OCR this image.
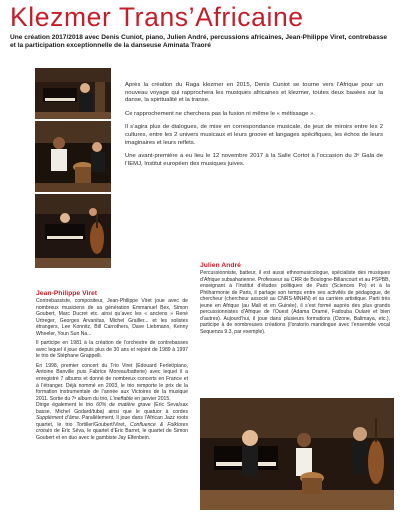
Klezmer Trans’Africaine
Une création 2017/2018 avec Denis Cuniot, piano, Julien André, percussions africaines, Jean-Philippe Viret, contrebasse et la participation exceptionnelle de la danseuse Aminata Traoré

Après la création du Raga klezmer en 2015, Denis Cuniot se tourne vers l’Afrique pour un nouveau voyage qui rapprochera les musiques africaines et klezmer, toutes deux basées sur la danse, la spiritualité et la transe.

Ce rapprochement ne cherchera pas la fusion ni même le « métissage ».

Il s’agira plus de dialogues, de mise en correspondance musicale, de jeux de miroirs entre les 2 cultures, entre les 2 univers musicaux et leurs groove et langages spécifiques, les échos de leurs imaginaires et leurs reflets.

Une avant-première a eu lieu le 12 novembre 2017 à la Salle Cortot à l’occasion du 3ᵉ Gala de l’IEMJ, Institut européen des musiques juives.

Julien André

Percussionniste, batteur, il est aussi ethnomusicologue, spécialiste des musiques d’Afrique subsaharienne. Professeur au CRR de Boulogne-Billancourt et au PSPBB, enseignant à l’Institut d’études politiques de Paris (Sciences Po) et à la Philharmonie de Paris, il partage son temps entre ses activités de pédagogue, de chercheur (chercheur associé au CNRS-MNHN) et sa carrière artistique. Parti très jeune en Afrique (au Mali et en Guinée), il s’est formé auprès des plus grands percussionnistes d’Afrique de l’Ouest (Adama Dramé, Fadouba Oularé et bien d’autres). Aujourd’hui, il joue dans plusieurs formations (Ozone, Balimaya, etc.), participe à de nombreuses créations (l’oratorio mandingue avec l’ensemble vocal Sequenza 9.3, par exemple).

Jean-Philippe Viret

Contrebassiste, compositeur, Jean-Philippe Viret joue avec de nombreux musiciens de sa génération Emmanuel Bex, Simon Goubert, Marc Ducret etc. ainsi qu’avec les « anciens » René Urtreger, Georges Arvanitas, Michel Grailler... et les solistes étrangers, Lee Konnitz, Bill Carrothers, Dave Liebmann, Kenny Wheeler, Youn Sun Na...

Il participe en 1981 à la création de l’orchestre de contrebasses avec lequel il joue depuis plus de 30 ans et rejoint de 1989 à 1997 le trio de Stéphane Grappelli.

En 1998, premier concert du Trio Viret (Edouard Ferlet/piano, Antoine Banville puis Fabrice Moreau/batterie) avec lequel il a enregistré 7 albums et donné de nombreux concerts en France et à l’étranger. Déjà nommé en 2003, le trio remporte le prix de la formation instrumentale de l’année aux Victoires de la musique 2011. Sortie du 7ᵉ album du trio, L’ineffable en janvier 2015.
Dirige également le trio 60% de matière grave (Eric Seva/sax basse, Michel Godard/tuba) ainsi que le quatuor à cordes Supplément d’âme. Parallèlement, Il joue dans l’African Jazz roots quartet, le trio Tortiller/Goubert/Viret, Confluence & Folklores croisés de Eric Séva, le quartet d’Eric Barret, le quartet de Simon Goubert et en duo avec le gambiste Jay Elfenbein.
